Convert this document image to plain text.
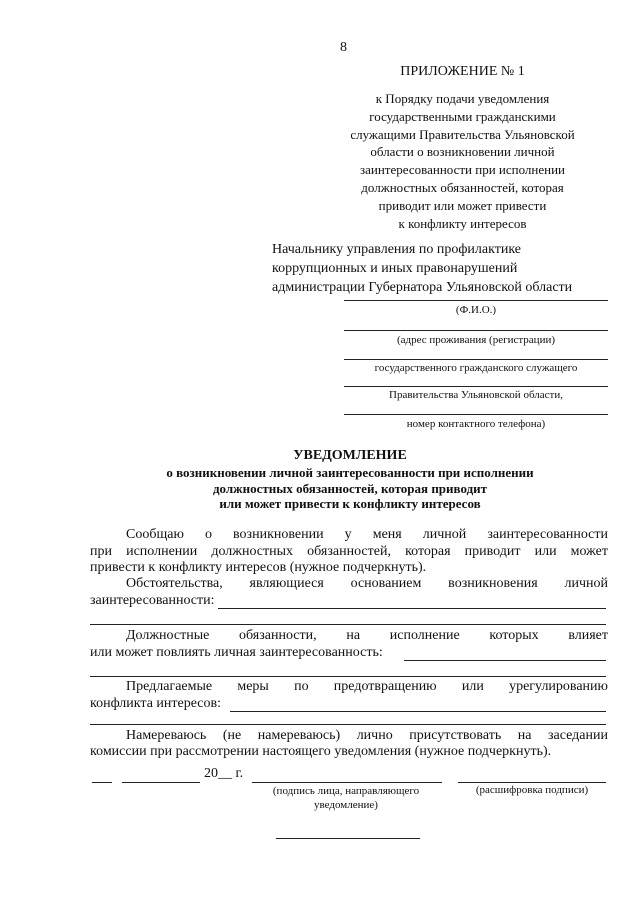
8
ПРИЛОЖЕНИЕ № 1
к Порядку подачи уведомления
государственными гражданскими
служащими Правительства Ульяновской
области о возникновении личной
заинтересованности при исполнении
должностных обязанностей, которая
приводит или может привести
к конфликту интересов
Начальнику управления по профилактике
коррупционных и иных правонарушений
администрации Губернатора Ульяновской области
(Ф.И.О.)
(адрес проживания (регистрации)
государственного гражданского служащего
Правительства Ульяновской области,
номер контактного телефона)
УВЕДОМЛЕНИЕ
о возникновении личной заинтересованности при исполнении
должностных обязанностей, которая приводит
или может привести к конфликту интересов
Сообщаю о возникновении у меня личной заинтересованности
при исполнении должностных обязанностей, которая приводит или может
привести к конфликту интересов (нужное подчеркнуть).
Обстоятельства, являющиеся основанием возникновения личной
заинтересованности:
Должностные обязанности, на исполнение которых влияет
или может повлиять личная заинтересованность:
Предлагаемые меры по предотвращению или урегулированию
конфликта интересов:
Намереваюсь (не намереваюсь) лично присутствовать на заседании
комиссии при рассмотрении настоящего уведомления (нужное подчеркнуть).
20__ г.
(подпись лица, направляющего
уведомление)
(расшифровка подписи)
